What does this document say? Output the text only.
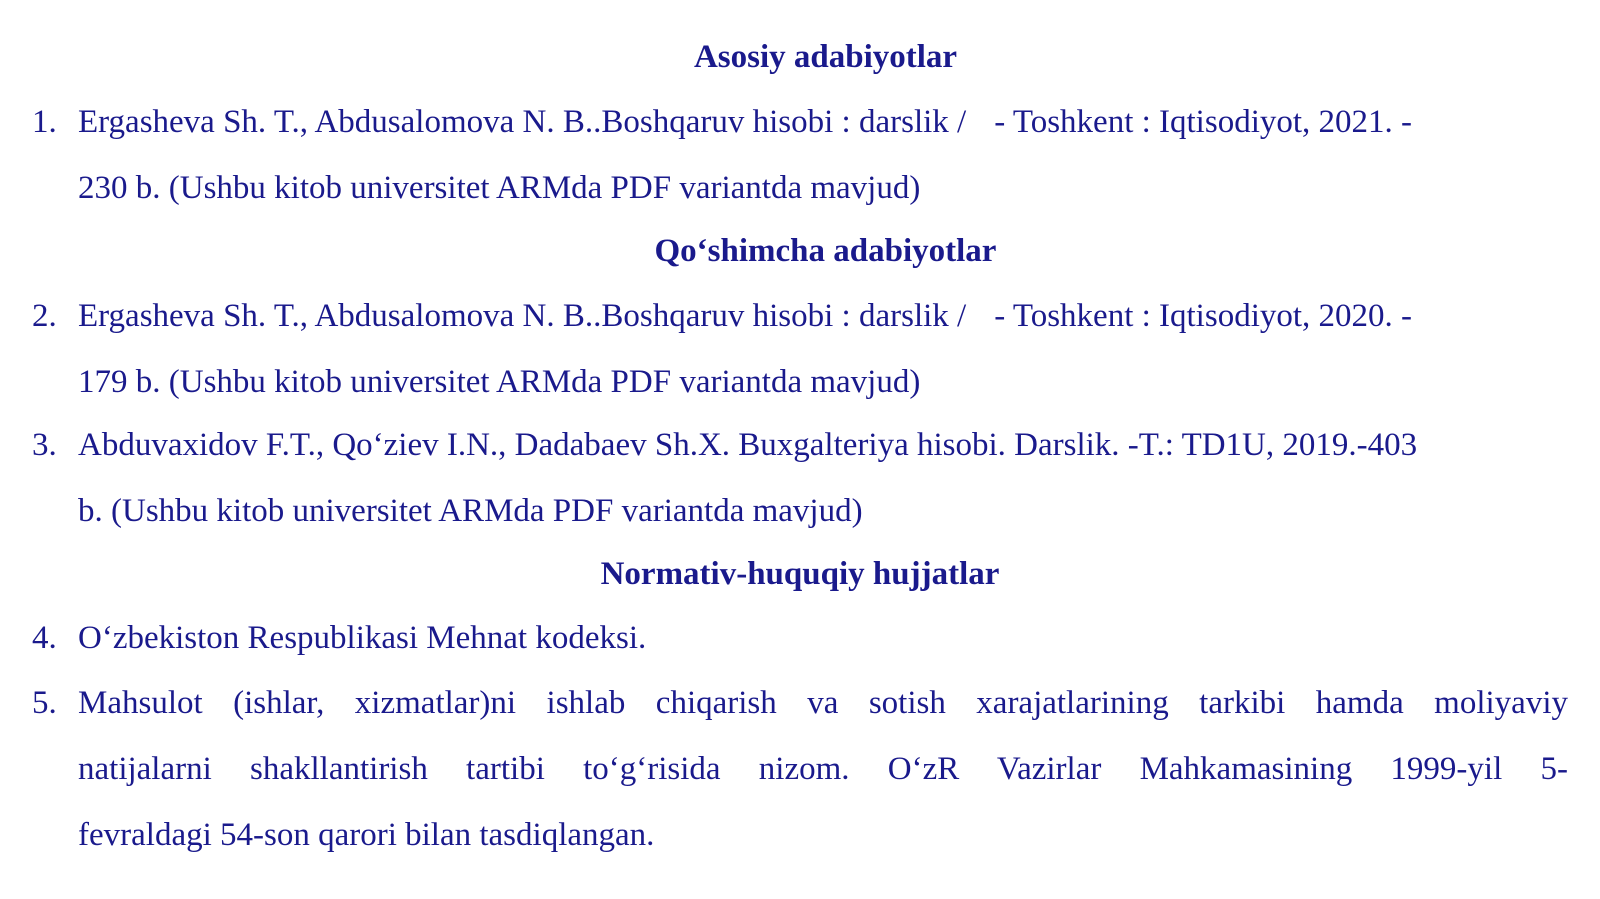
Asosiy adabiyotlar
1. Ergasheva Sh. T., Abdusalomova N. B..Boshqaruv hisobi : darslik / - Toshkent : Iqtisodiyot, 2021. -
230 b. (Ushbu kitob universitet ARMda PDF variantda mavjud)
Qo‘shimcha adabiyotlar
2. Ergasheva Sh. T., Abdusalomova N. B..Boshqaruv hisobi : darslik / - Toshkent : Iqtisodiyot, 2020. -
179 b. (Ushbu kitob universitet ARMda PDF variantda mavjud)
3. Abduvaxidov F.T., Qo‘ziev I.N., Dadabaev Sh.X. Buxgalteriya hisobi. Darslik. -T.: TD1U, 2019.-403
b. (Ushbu kitob universitet ARMda PDF variantda mavjud)
Normativ-huquqiy hujjatlar
4. O‘zbekiston Respublikasi Mehnat kodeksi.
5. Mahsulot (ishlar, xizmatlar)ni ishlab chiqarish va sotish xarajatlarining tarkibi hamda moliyaviy
natijalarni shakllantirish tartibi to‘g‘risida nizom. O‘zR Vazirlar Mahkamasining 1999-yil 5-
fevraldagi 54-son qarori bilan tasdiqlangan.
